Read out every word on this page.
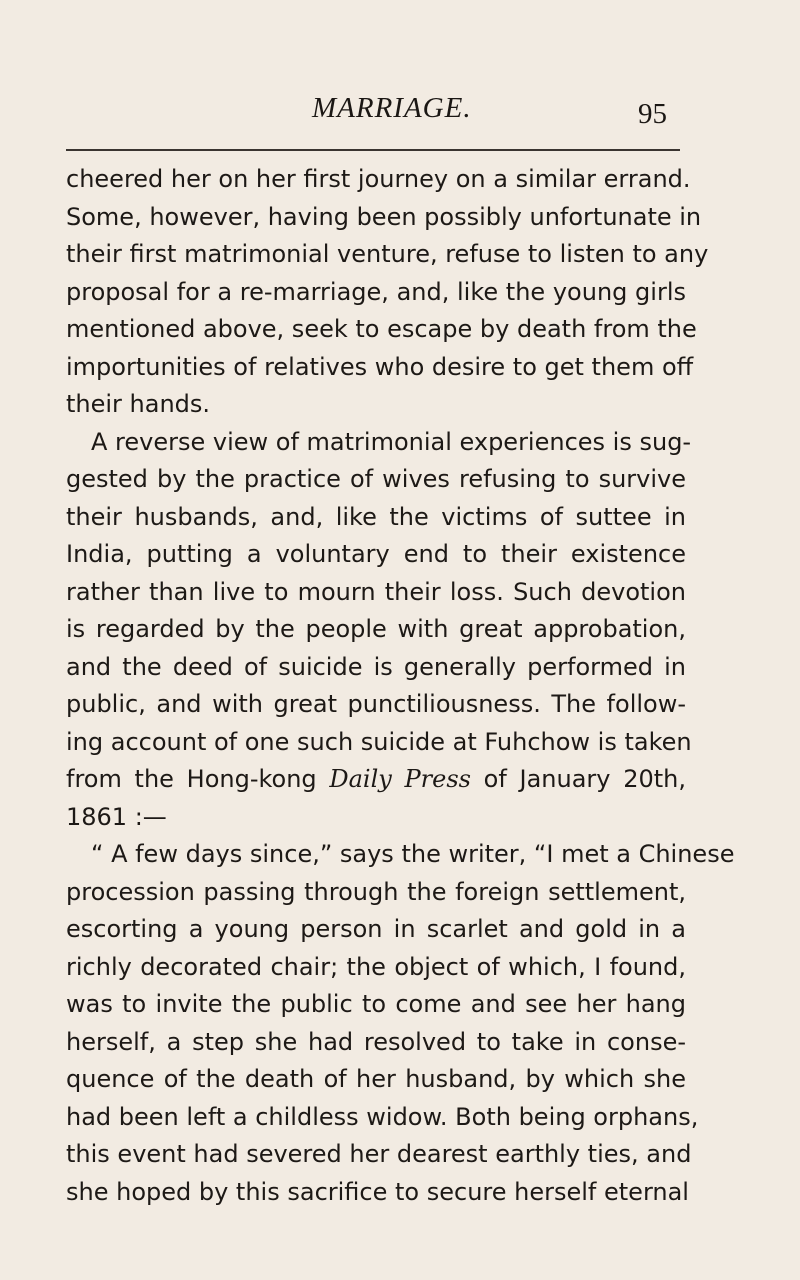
MARRIAGE.	95
cheered her on her first journey on a similar errand.
Some, however, having been possibly unfortunate in
their first matrimonial venture, refuse to listen to any
proposal for a re-marriage, and, like the young girls
mentioned above, seek to escape by death from the
importunities of relatives who desire to get them off
their hands.
A reverse view of matrimonial experiences is sug-
gested by the practice of wives refusing to survive
their husbands, and, like the victims of suttee in
India, putting a voluntary end to their existence
rather than live to mourn their loss. Such devotion
is regarded by the people with great approbation,
and the deed of suicide is generally performed in
public, and with great punctiliousness. The follow-
ing account of one such suicide at Fuhchow is taken
from the Hong-kong Daily Press of January 20th,
1861 :—
“ A few days since,” says the writer, “I met a Chinese
procession passing through the foreign settlement,
escorting a young person in scarlet and gold in a
richly decorated chair; the object of which, I found,
was to invite the public to come and see her hang
herself, a step she had resolved to take in conse-
quence of the death of her husband, by which she
had been left a childless widow. Both being orphans,
this event had severed her dearest earthly ties, and
she hoped by this sacrifice to secure herself eternal
